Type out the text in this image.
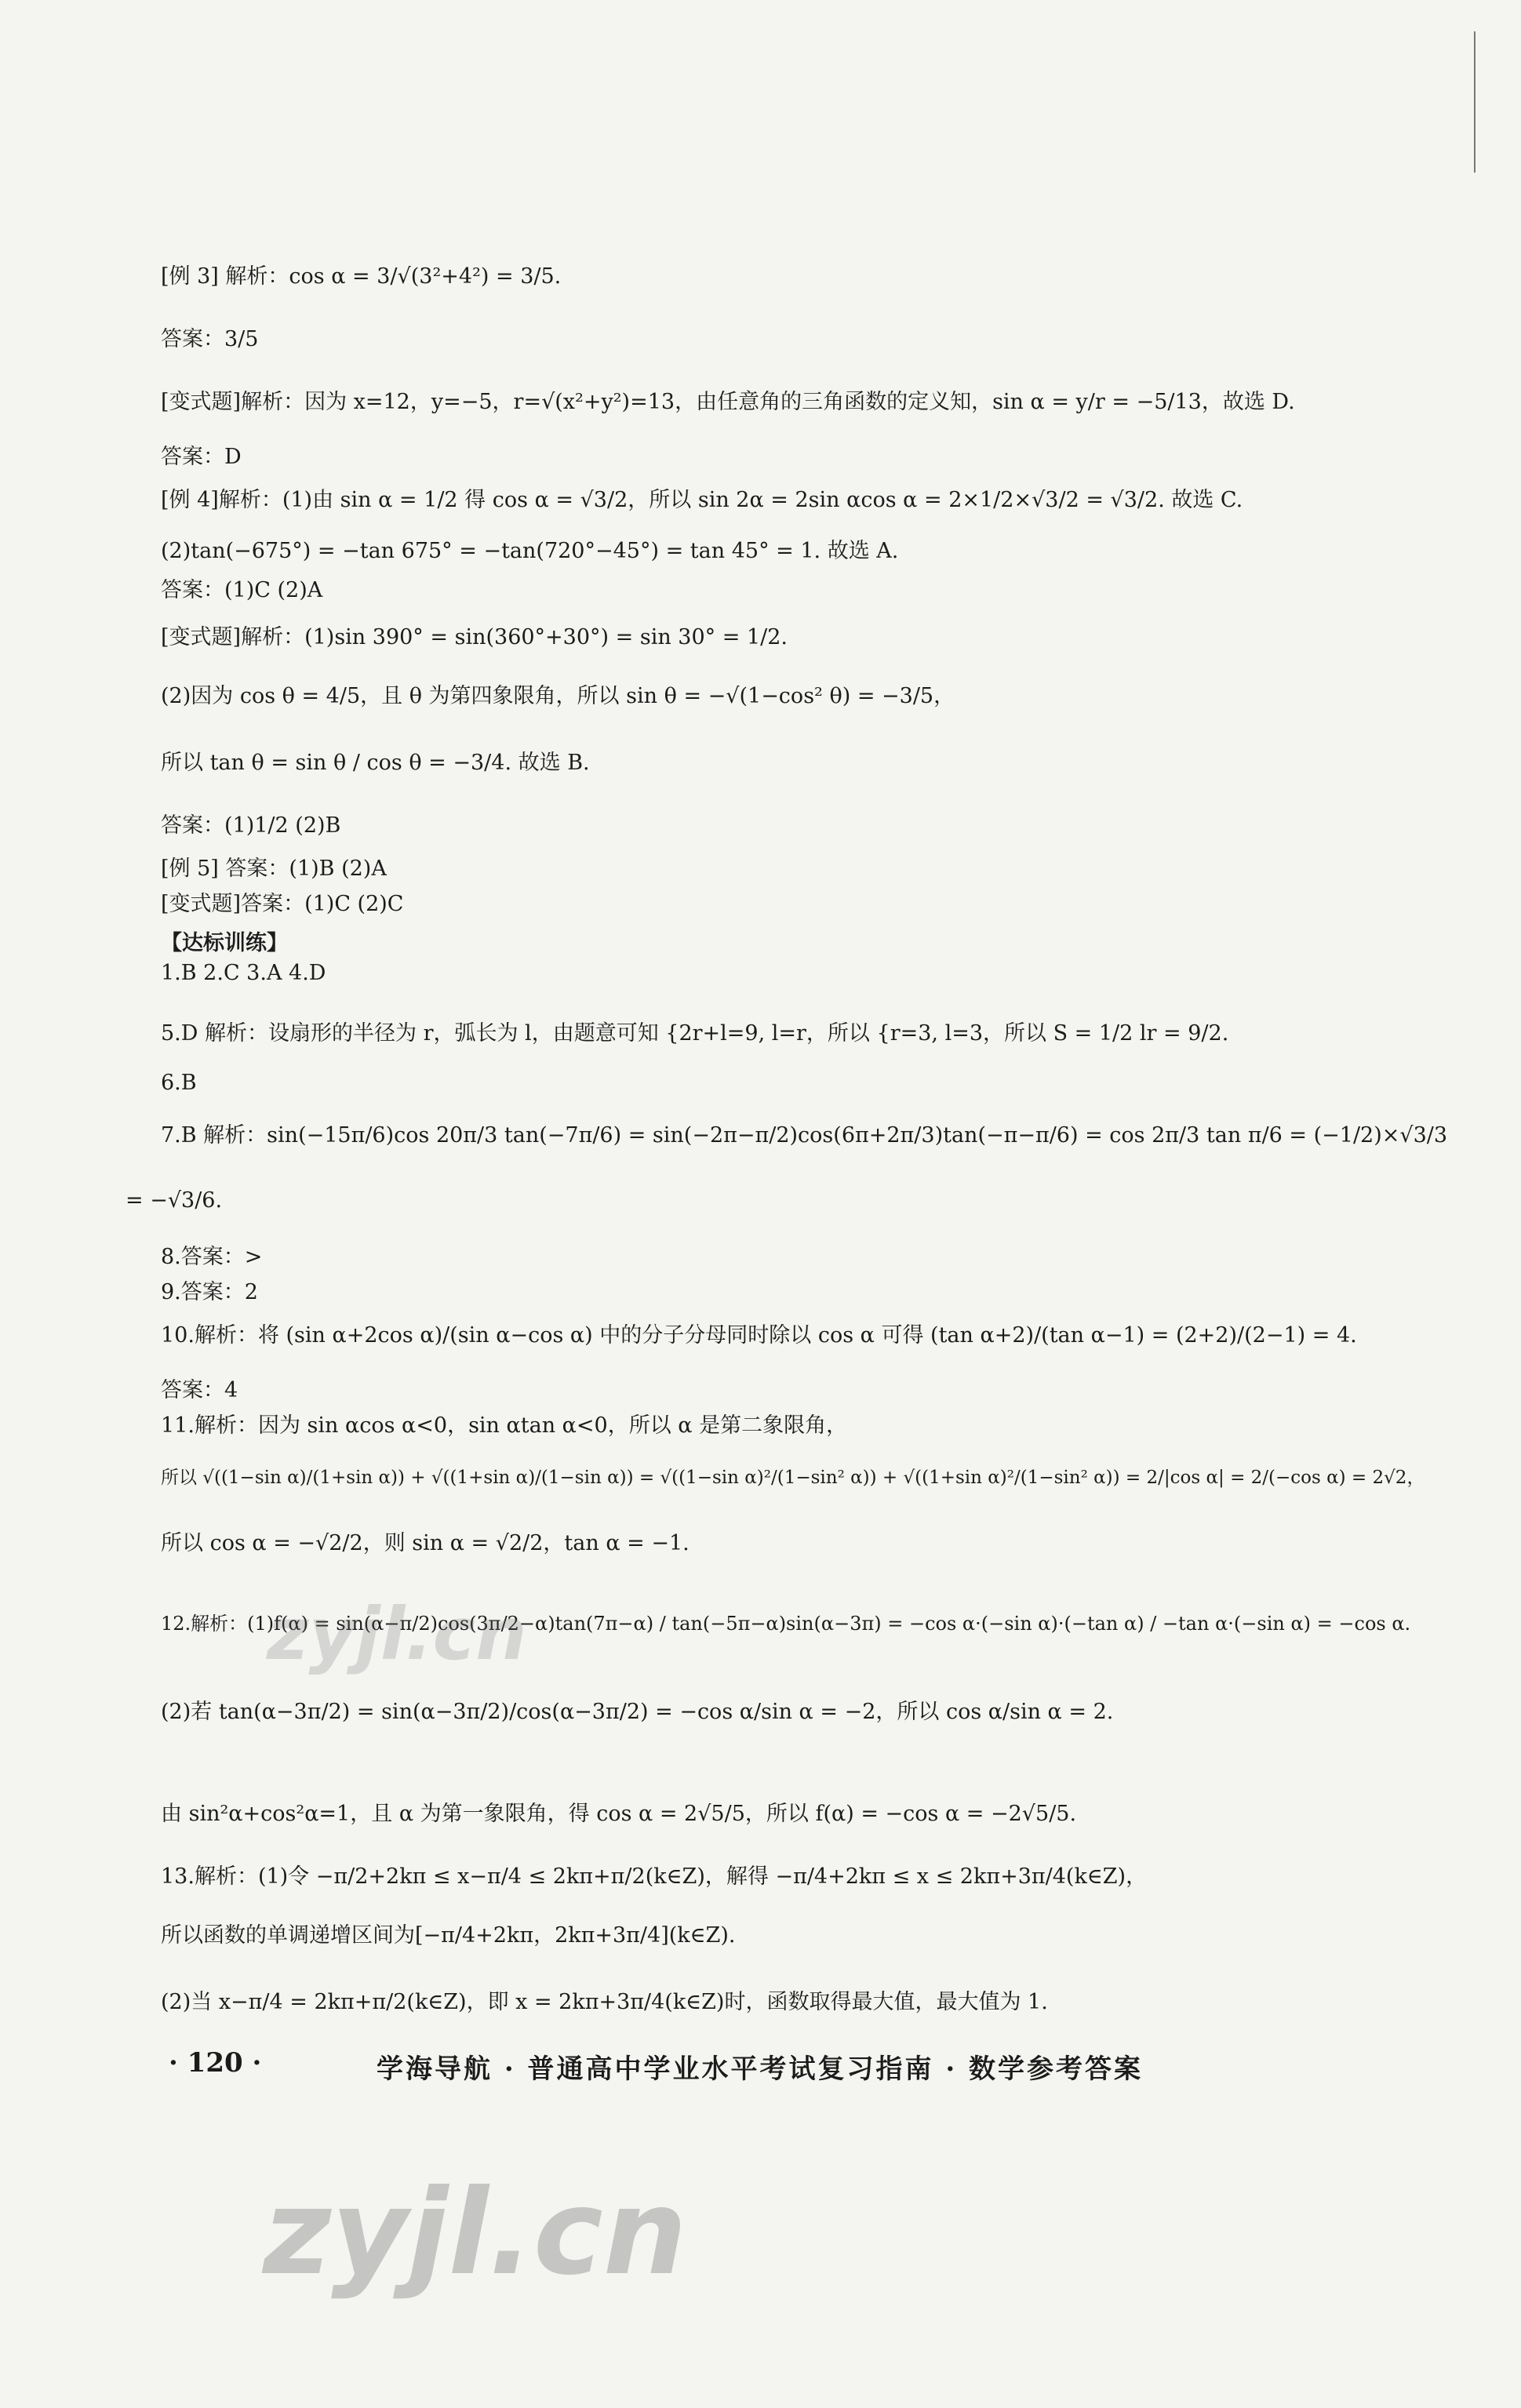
[例 3] 解析：cos α = 3/√(3²+4²) = 3/5.
答案：3/5
[变式题]解析：因为 x=12，y=−5，r=√(x²+y²)=13，由任意角的三角函数的定义知，sin α = y/r = −5/13，故选 D.
答案：D
[例 4]解析：(1)由 sin α = 1/2 得 cos α = √3/2，所以 sin 2α = 2sin αcos α = 2×1/2×√3/2 = √3/2. 故选 C.
(2)tan(−675°) = −tan 675° = −tan(720°−45°) = tan 45° = 1. 故选 A.
答案：(1)C (2)A
[变式题]解析：(1)sin 390° = sin(360°+30°) = sin 30° = 1/2.
(2)因为 cos θ = 4/5，且 θ 为第四象限角，所以 sin θ = −√(1−cos² θ) = −3/5，
所以 tan θ = sin θ / cos θ = −3/4. 故选 B.
答案：(1)1/2 (2)B
[例 5] 答案：(1)B (2)A
[变式题]答案：(1)C (2)C
【达标训练】
1.B 2.C 3.A 4.D
5.D 解析：设扇形的半径为 r，弧长为 l，由题意可知 {2r+l=9, l=r，所以 {r=3, l=3，所以 S = 1/2 lr = 9/2.
6.B
7.B 解析：sin(−15π/6)cos 20π/3 tan(−7π/6) = sin(−2π−π/2)cos(6π+2π/3)tan(−π−π/6) = cos 2π/3 tan π/6 = (−1/2)×√3/3
= −√3/6.
8.答案：>
9.答案：2
10.解析：将 (sin α+2cos α)/(sin α−cos α) 中的分子分母同时除以 cos α 可得 (tan α+2)/(tan α−1) = (2+2)/(2−1) = 4.
答案：4
11.解析：因为 sin αcos α<0，sin αtan α<0，所以 α 是第二象限角，
所以 √((1−sin α)/(1+sin α)) + √((1+sin α)/(1−sin α)) = √((1−sin α)²/(1−sin² α)) + √((1+sin α)²/(1−sin² α)) = 2/|cos α| = 2/(−cos α) = 2√2，
所以 cos α = −√2/2，则 sin α = √2/2，tan α = −1.
12.解析：(1)f(α) = sin(α−π/2)cos(3π/2−α)tan(7π−α) / tan(−5π−α)sin(α−3π) = −cos α·(−sin α)·(−tan α) / −tan α·(−sin α) = −cos α.
(2)若 tan(α−3π/2) = sin(α−3π/2)/cos(α−3π/2) = −cos α/sin α = −2，所以 cos α/sin α = 2.
由 sin²α+cos²α=1，且 α 为第一象限角，得 cos α = 2√5/5，所以 f(α) = −cos α = −2√5/5.
13.解析：(1)令 −π/2+2kπ ≤ x−π/4 ≤ 2kπ+π/2(k∈Z)，解得 −π/4+2kπ ≤ x ≤ 2kπ+3π/4(k∈Z)，
所以函数的单调递增区间为[−π/4+2kπ，2kπ+3π/4](k∈Z).
(2)当 x−π/4 = 2kπ+π/2(k∈Z)，即 x = 2kπ+3π/4(k∈Z)时，函数取得最大值，最大值为 1.
· 120 ·	学海导航 · 普通高中学业水平考试复习指南 · 数学参考答案
zyjl.cn
zyjl.cn
